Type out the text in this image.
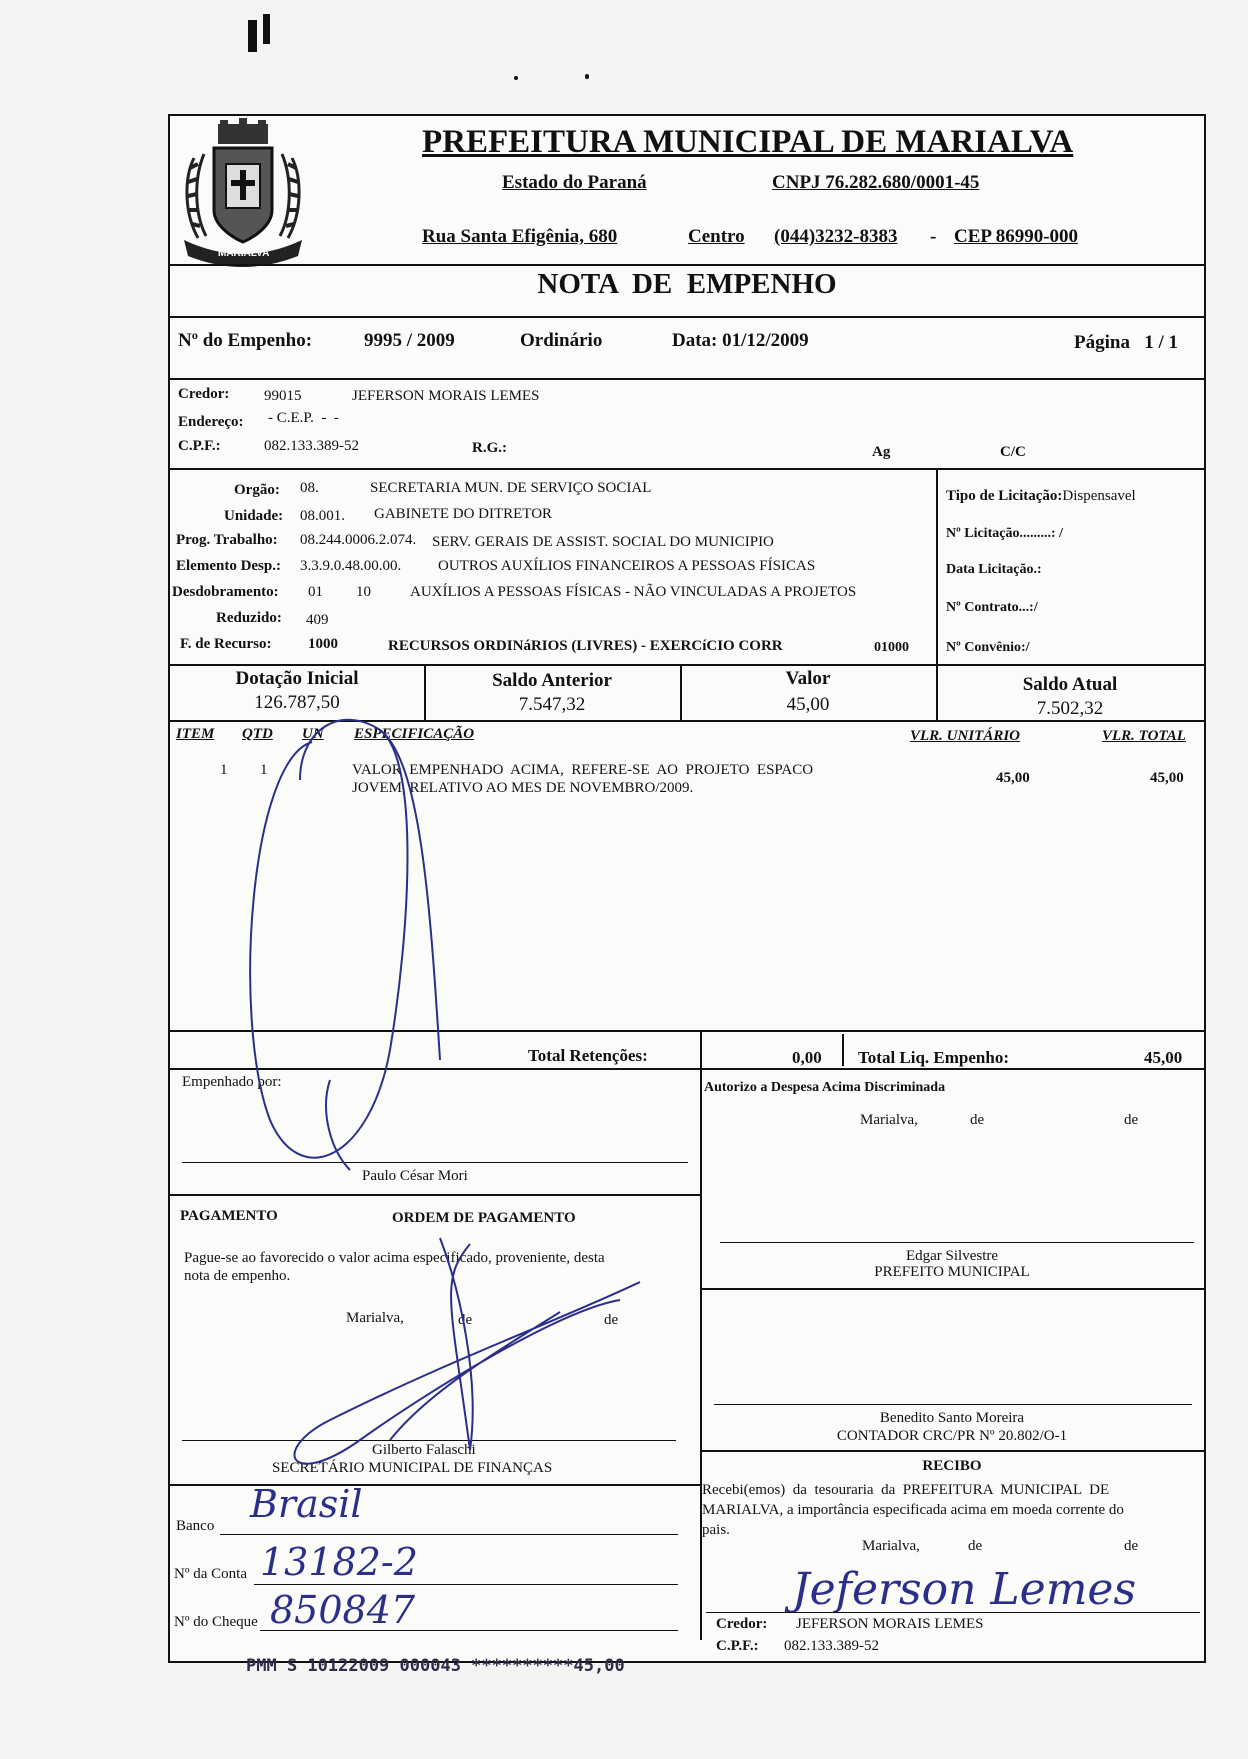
MARIALVA
PREFEITURA MUNICIPAL DE MARIALVA
Estado do Paraná	CNPJ 76.282.680/0001-45
Rua Santa Efigênia, 680	Centro (044)3232-8383 - CEP 86990-000
NOTA  DE  EMPENHO
Nº do Empenho:	9995 / 2009	Ordinário	Data: 01/12/2009	Página   1 / 1
Credor: 99015	JEFERSON MORAIS LEMES
Endereço: - C.E.P.  -  -
C.P.F.:	082.133.389-52	R.G.:	Ag	C/C
Orgão: 08.	SECRETARIA MUN. DE SERVIÇO SOCIAL
Unidade: 08.001. GABINETE DO DITRETOR
Prog. Trabalho: 08.244.0006.2.074. SERV. GERAIS DE ASSIST. SOCIAL DO MUNICIPIO
Elemento Desp.: 3.3.9.0.48.00.00. OUTROS AUXÍLIOS FINANCEIROS A PESSOAS FÍSICAS
Desdobramento: 01 10	AUXÍLIOS A PESSOAS FÍSICAS - NÃO VINCULADAS A PROJETOS
Reduzido: 409
F. de Recurso: 1000	RECURSOS ORDINáRIOS (LIVRES) - EXERCíCIO CORR	01000
Tipo de Licitação:Dispensavel
Nº Licitação.........: /
Data Licitação.:
Nº Contrato...:/
Nº Convênio:/
Dotação Inicial
126.787,50
Saldo Anterior
7.547,32
Valor
45,00
Saldo Atual
7.502,32
ITEM QTD UN ESPECIFICAÇÃO	VLR. UNITÁRIO	VLR. TOTAL
1 1	VALOR  EMPENHADO  ACIMA,  REFERE-SE  AO  PROJETO  ESPACO
JOVEM, RELATIVO AO MES DE NOVEMBRO/2009.
45,00	45,00
Total Retenções:	0,00 Total Liq. Empenho:	45,00
Empenhado por:
Paulo César Mori
Autorizo a Despesa Acima Discriminada
Marialva,	de	de
Edgar Silvestre
PREFEITO MUNICIPAL
Benedito Santo Moreira
CONTADOR CRC/PR Nº 20.802/O-1
PAGAMENTO	ORDEM DE PAGAMENTO
Pague-se ao favorecido o valor acima especificado, proveniente, desta
nota de empenho.
Marialva,	de	de
Gilberto Falaschi
SECRETÁRIO MUNICIPAL DE FINANÇAS
Banco Brasil
Nº da Conta 13182-2
Nº do Cheque 850847
RECIBO
Recebi(emos)  da  tesouraria  da  PREFEITURA  MUNICIPAL  DE
MARIALVA, a importância especificada acima em moeda corrente do
pais.
Marialva,	de	de
Jeferson Lemes
Credor: JEFERSON MORAIS LEMES
C.P.F.: 082.133.389-52
PMM S 10122009 000043 **********45,00
